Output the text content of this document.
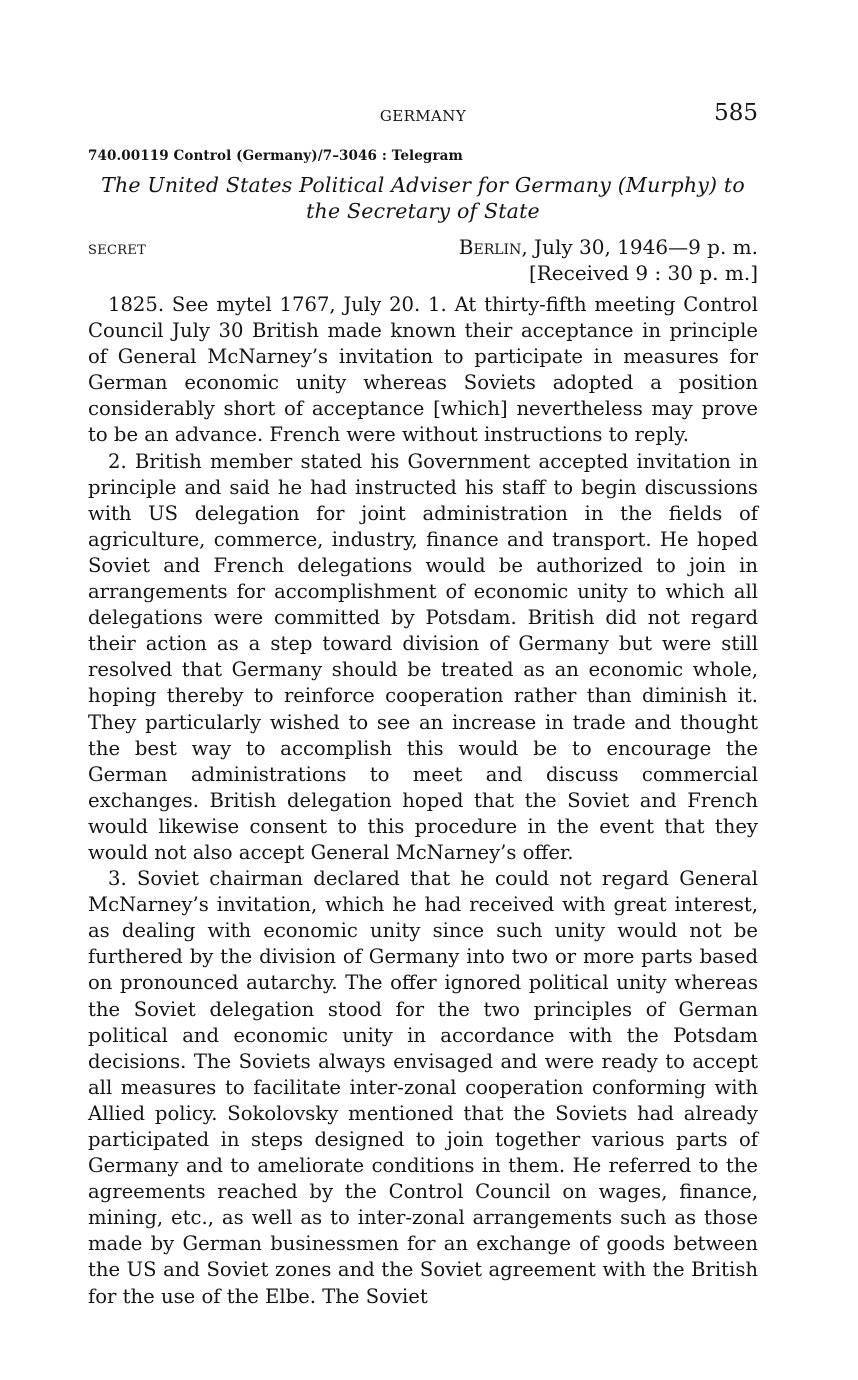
GERMANY	585
740.00119 Control (Germany)/7–3046 : Telegram
The United States Political Adviser for Germany (Murphy) to the Secretary of State
SECRET	Berlin, July 30, 1946—9 p. m.
[Received 9 : 30 p. m.]

1825. See mytel 1767, July 20. 1. At thirty-fifth meeting Control Council July 30 British made known their acceptance in principle of General McNarney’s invitation to participate in measures for German economic unity whereas Soviets adopted a position considerably short of acceptance [which] nevertheless may prove to be an advance. French were without instructions to reply.

2. British member stated his Government accepted invitation in principle and said he had instructed his staff to begin discussions with US delegation for joint administration in the fields of agriculture, commerce, industry, finance and transport. He hoped Soviet and French delegations would be authorized to join in arrangements for accomplishment of economic unity to which all delegations were committed by Potsdam. British did not regard their action as a step toward division of Germany but were still resolved that Germany should be treated as an economic whole, hoping thereby to reinforce cooperation rather than diminish it. They particularly wished to see an increase in trade and thought the best way to accomplish this would be to encourage the German administrations to meet and discuss commercial exchanges. British delegation hoped that the Soviet and French would likewise consent to this procedure in the event that they would not also accept General McNarney’s offer.

3. Soviet chairman declared that he could not regard General McNarney’s invitation, which he had received with great interest, as dealing with economic unity since such unity would not be furthered by the division of Germany into two or more parts based on pronounced autarchy. The offer ignored political unity whereas the Soviet delegation stood for the two principles of German political and economic unity in accordance with the Potsdam decisions. The Soviets always envisaged and were ready to accept all measures to facilitate inter-zonal cooperation conforming with Allied policy. Sokolovsky mentioned that the Soviets had already participated in steps designed to join together various parts of Germany and to ameliorate conditions in them. He referred to the agreements reached by the Control Council on wages, finance, mining, etc., as well as to inter-zonal arrangements such as those made by German businessmen for an exchange of goods between the US and Soviet zones and the Soviet agreement with the British for the use of the Elbe. The Soviet
